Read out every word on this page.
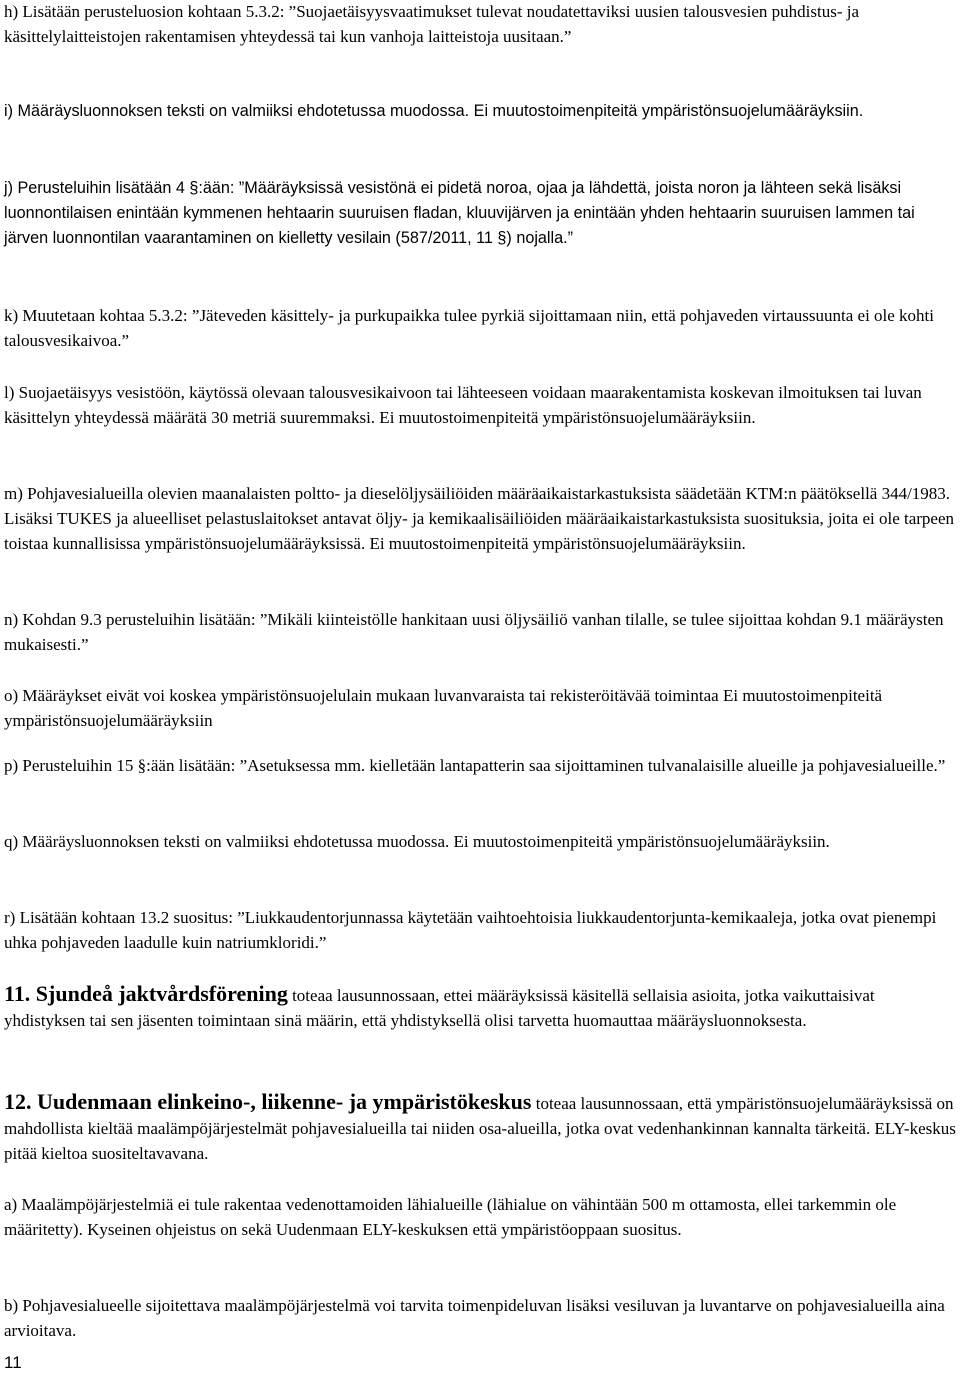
h) Lisätään perusteluosion kohtaan 5.3.2: ”Suojaetäisyysvaatimukset tulevat noudatettaviksi uusien talousvesien puhdistus- ja käsittelylaitteistojen rakentamisen yhteydessä tai kun vanhoja laitteistoja uusitaan.”

i) Määräysluonnoksen teksti on valmiiksi ehdotetussa muodossa. Ei muutostoimenpiteitä ympäristönsuojelumääräyksiin.

j) Perusteluihin lisätään 4 §:ään: ”Määräyksissä vesistönä ei pidetä noroa, ojaa ja lähdettä, joista noron ja lähteen sekä lisäksi luonnontilaisen enintään kymmenen hehtaarin suuruisen fladan, kluuvijärven ja enintään yhden hehtaarin suuruisen lammen tai järven luonnontilan vaarantaminen on kielletty vesilain (587/2011, 11 §) nojalla.”

k) Muutetaan kohtaa 5.3.2: ”Jäteveden käsittely- ja purkupaikka tulee pyrkiä sijoittamaan niin, että pohjaveden virtaussuunta ei ole kohti talousvesikaivoa.”

l) Suojaetäisyys vesistöön, käytössä olevaan talousvesikaivoon tai lähteeseen voidaan maarakentamista koskevan ilmoituksen tai luvan käsittelyn yhteydessä määrätä 30 metriä suuremmaksi. Ei muutostoimenpiteitä ympäristönsuojelumääräyksiin.

m) Pohjavesialueilla olevien maanalaisten poltto- ja dieselöljysäiliöiden määräaikaistarkastuksista säädetään KTM:n päätöksellä 344/1983. Lisäksi TUKES ja alueelliset pelastuslaitokset antavat öljy- ja kemikaalisäiliöiden määräaikaistarkastuksista suosituksia, joita ei ole tarpeen toistaa kunnallisissa ympäristönsuojelumääräyksissä. Ei muutostoimenpiteitä ympäristönsuojelumääräyksiin.

n) Kohdan 9.3 perusteluihin lisätään: ”Mikäli kiinteistölle hankitaan uusi öljysäiliö vanhan tilalle, se tulee sijoittaa kohdan 9.1 määräysten mukaisesti.”

o) Määräykset eivät voi koskea ympäristönsuojelulain mukaan luvanvaraista tai rekisteröitävää toimintaa Ei muutostoimenpiteitä ympäristönsuojelumääräyksiin

p) Perusteluihin 15 §:ään lisätään: ”Asetuksessa mm. kielletään lantapatterin saa sijoittaminen tulvanalaisille alueille ja pohjavesialueille.”

q) Määräysluonnoksen teksti on valmiiksi ehdotetussa muodossa. Ei muutostoimenpiteitä ympäristönsuojelumääräyksiin.

r) Lisätään kohtaan 13.2 suositus: ”Liukkaudentorjunnassa käytetään vaihtoehtoisia liukkaudentorjunta-kemikaaleja, jotka ovat pienempi uhka pohjaveden laadulle kuin natriumkloridi.”

11. Sjundeå jaktvårdsförening toteaa lausunnossaan, ettei määräyksissä käsitellä sellaisia asioita, jotka vaikuttaisivat yhdistyksen tai sen jäsenten toimintaan sinä määrin, että yhdistyksellä olisi tarvetta huomauttaa määräysluonnoksesta.

12. Uudenmaan elinkeino-, liikenne- ja ympäristökeskus toteaa lausunnossaan, että ympäristönsuojelumääräyksissä on mahdollista kieltää maalämpöjärjestelmät pohjavesialueilla tai niiden osa-alueilla, jotka ovat vedenhankinnan kannalta tärkeitä. ELY-keskus pitää kieltoa suositeltavavana.

a) Maalämpöjärjestelmiä ei tule rakentaa vedenottamoiden lähialueille (lähialue on vähintään 500 m ottamosta, ellei tarkemmin ole määritetty). Kyseinen ohjeistus on sekä Uudenmaan ELY-keskuksen että ympäristöoppaan suositus.

b) Pohjavesialueelle sijoitettava maalämpöjärjestelmä voi tarvita toimenpideluvan lisäksi vesiluvan ja luvantarve on pohjavesialueilla aina arvioitava.

11
